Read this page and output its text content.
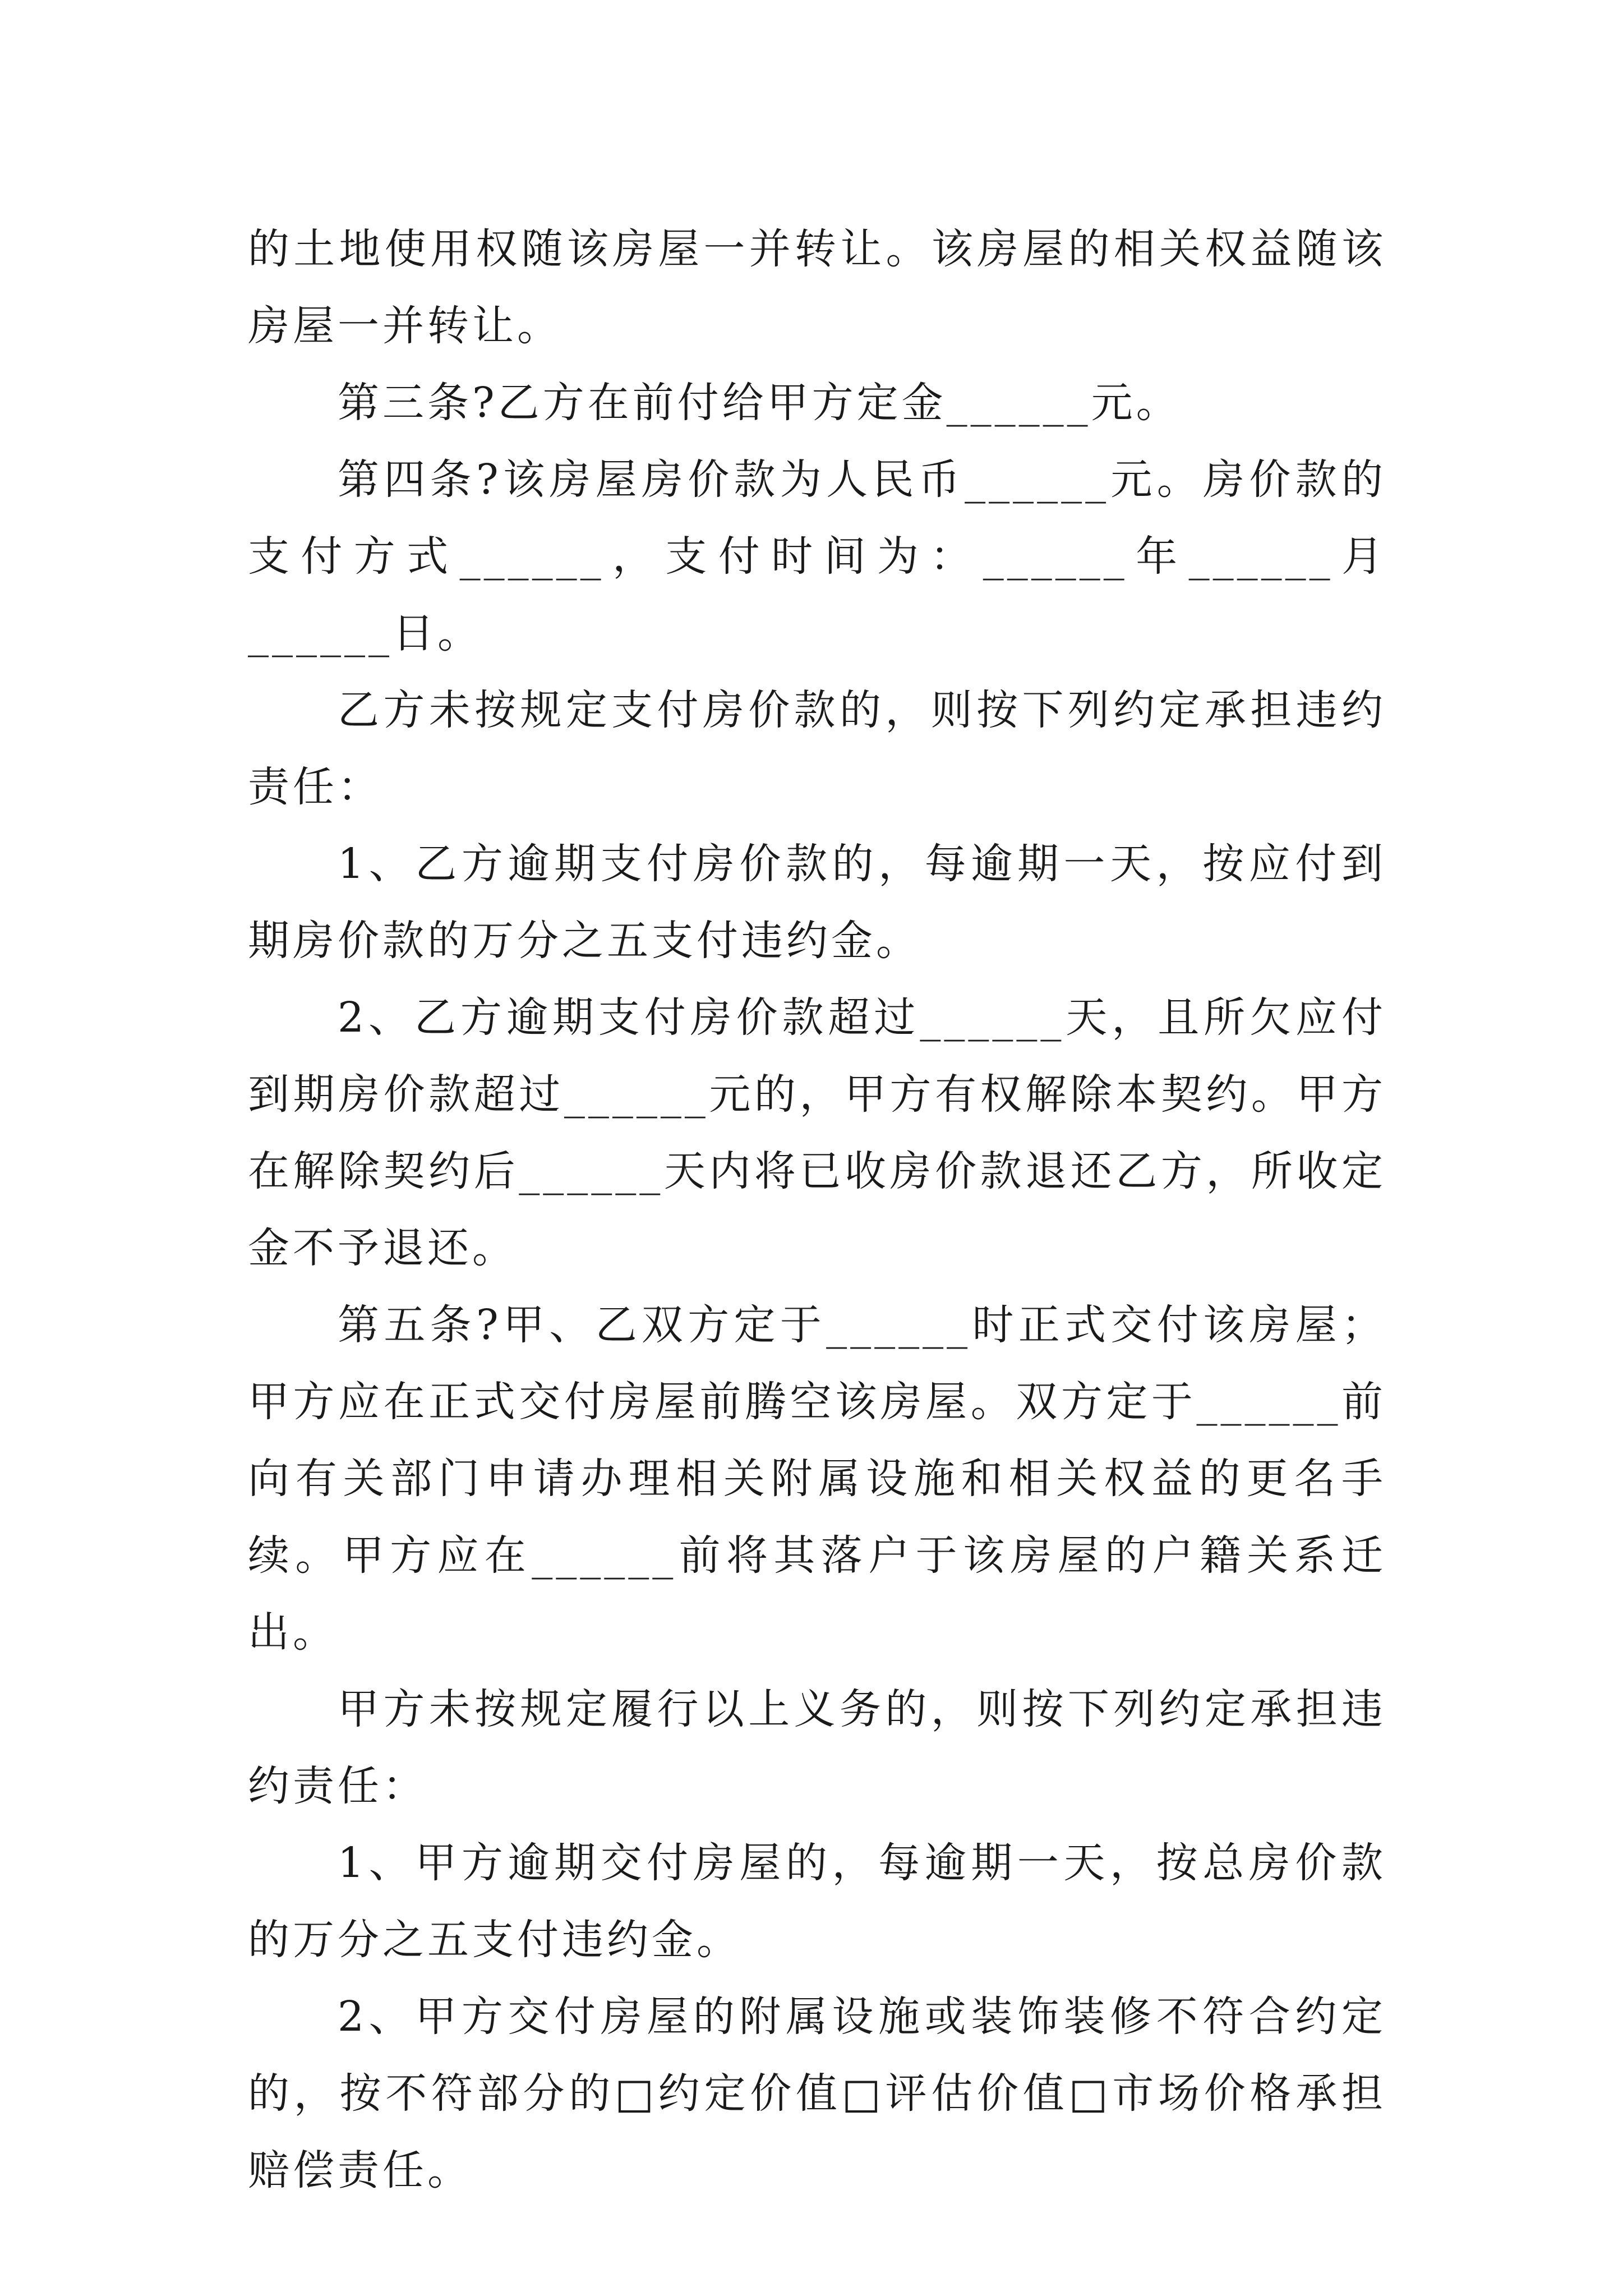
的土地使用权随该房屋一并转让。该房屋的相关权益随该房屋一并转让。

第三条?乙方在前付给甲方定金______元。

第四条?该房屋房价款为人民币______元。房价款的支付方式______，支付时间为：______年______月______日。

乙方未按规定支付房价款的，则按下列约定承担违约责任：

1、乙方逾期支付房价款的，每逾期一天，按应付到期房价款的万分之五支付违约金。

2、乙方逾期支付房价款超过______天，且所欠应付到期房价款超过______元的，甲方有权解除本契约。甲方在解除契约后______天内将已收房价款退还乙方，所收定金不予退还。

第五条?甲、乙双方定于______时正式交付该房屋；甲方应在正式交付房屋前腾空该房屋。双方定于______前向有关部门申请办理相关附属设施和相关权益的更名手续。甲方应在______前将其落户于该房屋的户籍关系迁出。

甲方未按规定履行以上义务的，则按下列约定承担违约责任：

1、甲方逾期交付房屋的，每逾期一天，按总房价款的万分之五支付违约金。

2、甲方交付房屋的附属设施或装饰装修不符合约定的，按不符部分的□约定价值□评估价值□市场价格承担赔偿责任。
